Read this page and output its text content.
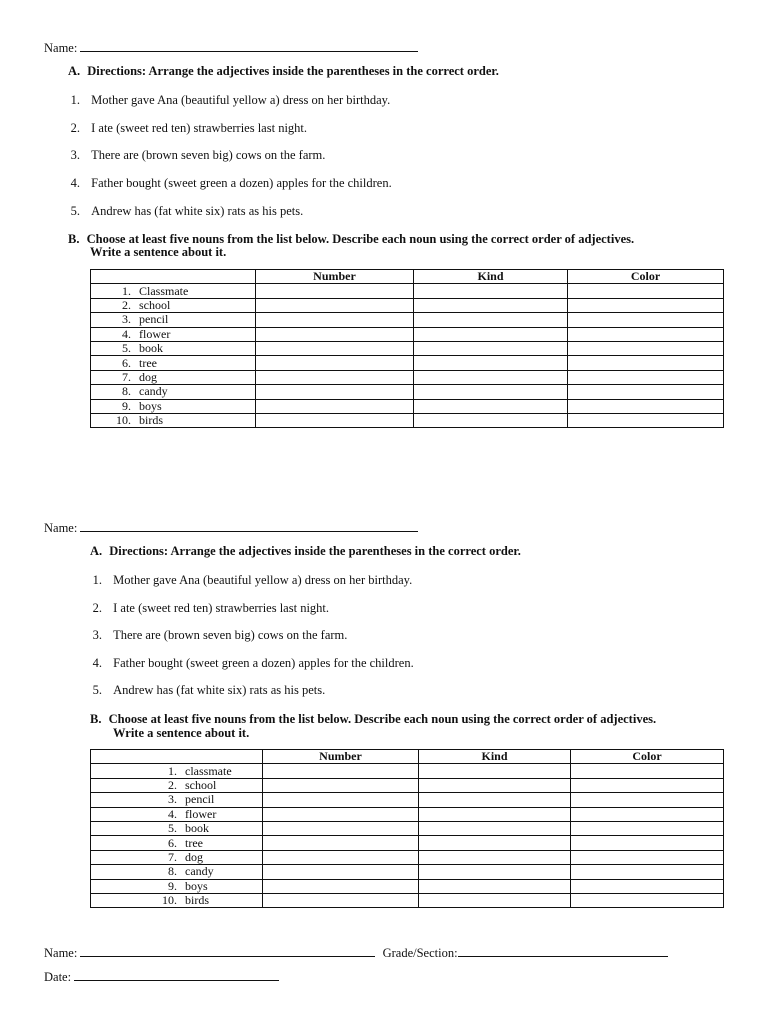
Name:
A. Directions: Arrange the adjectives inside the parentheses in the correct order.
1. Mother gave Ana (beautiful yellow a) dress on her birthday.
2. I ate (sweet red ten) strawberries last night.
3. There are (brown seven big) cows on the farm.
4. Father bought (sweet green a dozen) apples for the children.
5. Andrew has (fat white six) rats as his pets.
B. Choose at least five nouns from the list below. Describe each noun using the correct order of adjectives.
Write a sentence about it.
	Number	Kind	Color
1. Classmate			
2. school			
3. pencil			
4. flower			
5. book			
6. tree			
7. dog			
8. candy			
9. boys			
10. birds			
Name:
A. Directions: Arrange the adjectives inside the parentheses in the correct order.
1. Mother gave Ana (beautiful yellow a) dress on her birthday.
2. I ate (sweet red ten) strawberries last night.
3. There are (brown seven big) cows on the farm.
4. Father bought (sweet green a dozen) apples for the children.
5. Andrew has (fat white six) rats as his pets.
B. Choose at least five nouns from the list below. Describe each noun using the correct order of adjectives.
Write a sentence about it.
	Number	Kind	Color
1. classmate			
2. school			
3. pencil			
4. flower			
5. book			
6. tree			
7. dog			
8. candy			
9. boys			
10. birds			
Name:	Grade/Section:
Date:
